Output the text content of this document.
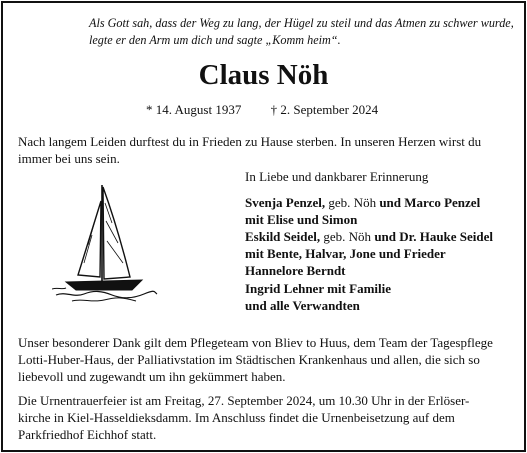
Als Gott sah, dass der Weg zu lang, der Hügel zu steil und das Atmen zu schwer wurde,
legte er den Arm um dich und sagte „Komm heim“.
Claus Nöh
* 14. August 1937 † 2. September 2024
Nach langem Leiden durftest du in Frieden zu Hause sterben. In unseren Herzen wirst du
immer bei uns sein.
In Liebe und dankbarer Erinnerung
Svenja Penzel, geb. Nöh und Marco Penzel
mit Elise und Simon
Eskild Seidel, geb. Nöh und Dr. Hauke Seidel
mit Bente, Halvar, Jone und Frieder
Hannelore Berndt
Ingrid Lehner mit Familie
und alle Verwandten
Unser besonderer Dank gilt dem Pflegeteam von Bliev to Huus, dem Team der Tagespflege
Lotti-Huber-Haus, der Palliativstation im Städtischen Krankenhaus und allen, die sich so
liebevoll und zugewandt um ihn gekümmert haben.
Die Urnentrauerfeier ist am Freitag, 27. September 2024, um 10.30 Uhr in der Erlöser-
kirche in Kiel-Hasseldieksdamm. Im Anschluss findet die Urnenbeisetzung auf dem
Parkfriedhof Eichhof statt.
